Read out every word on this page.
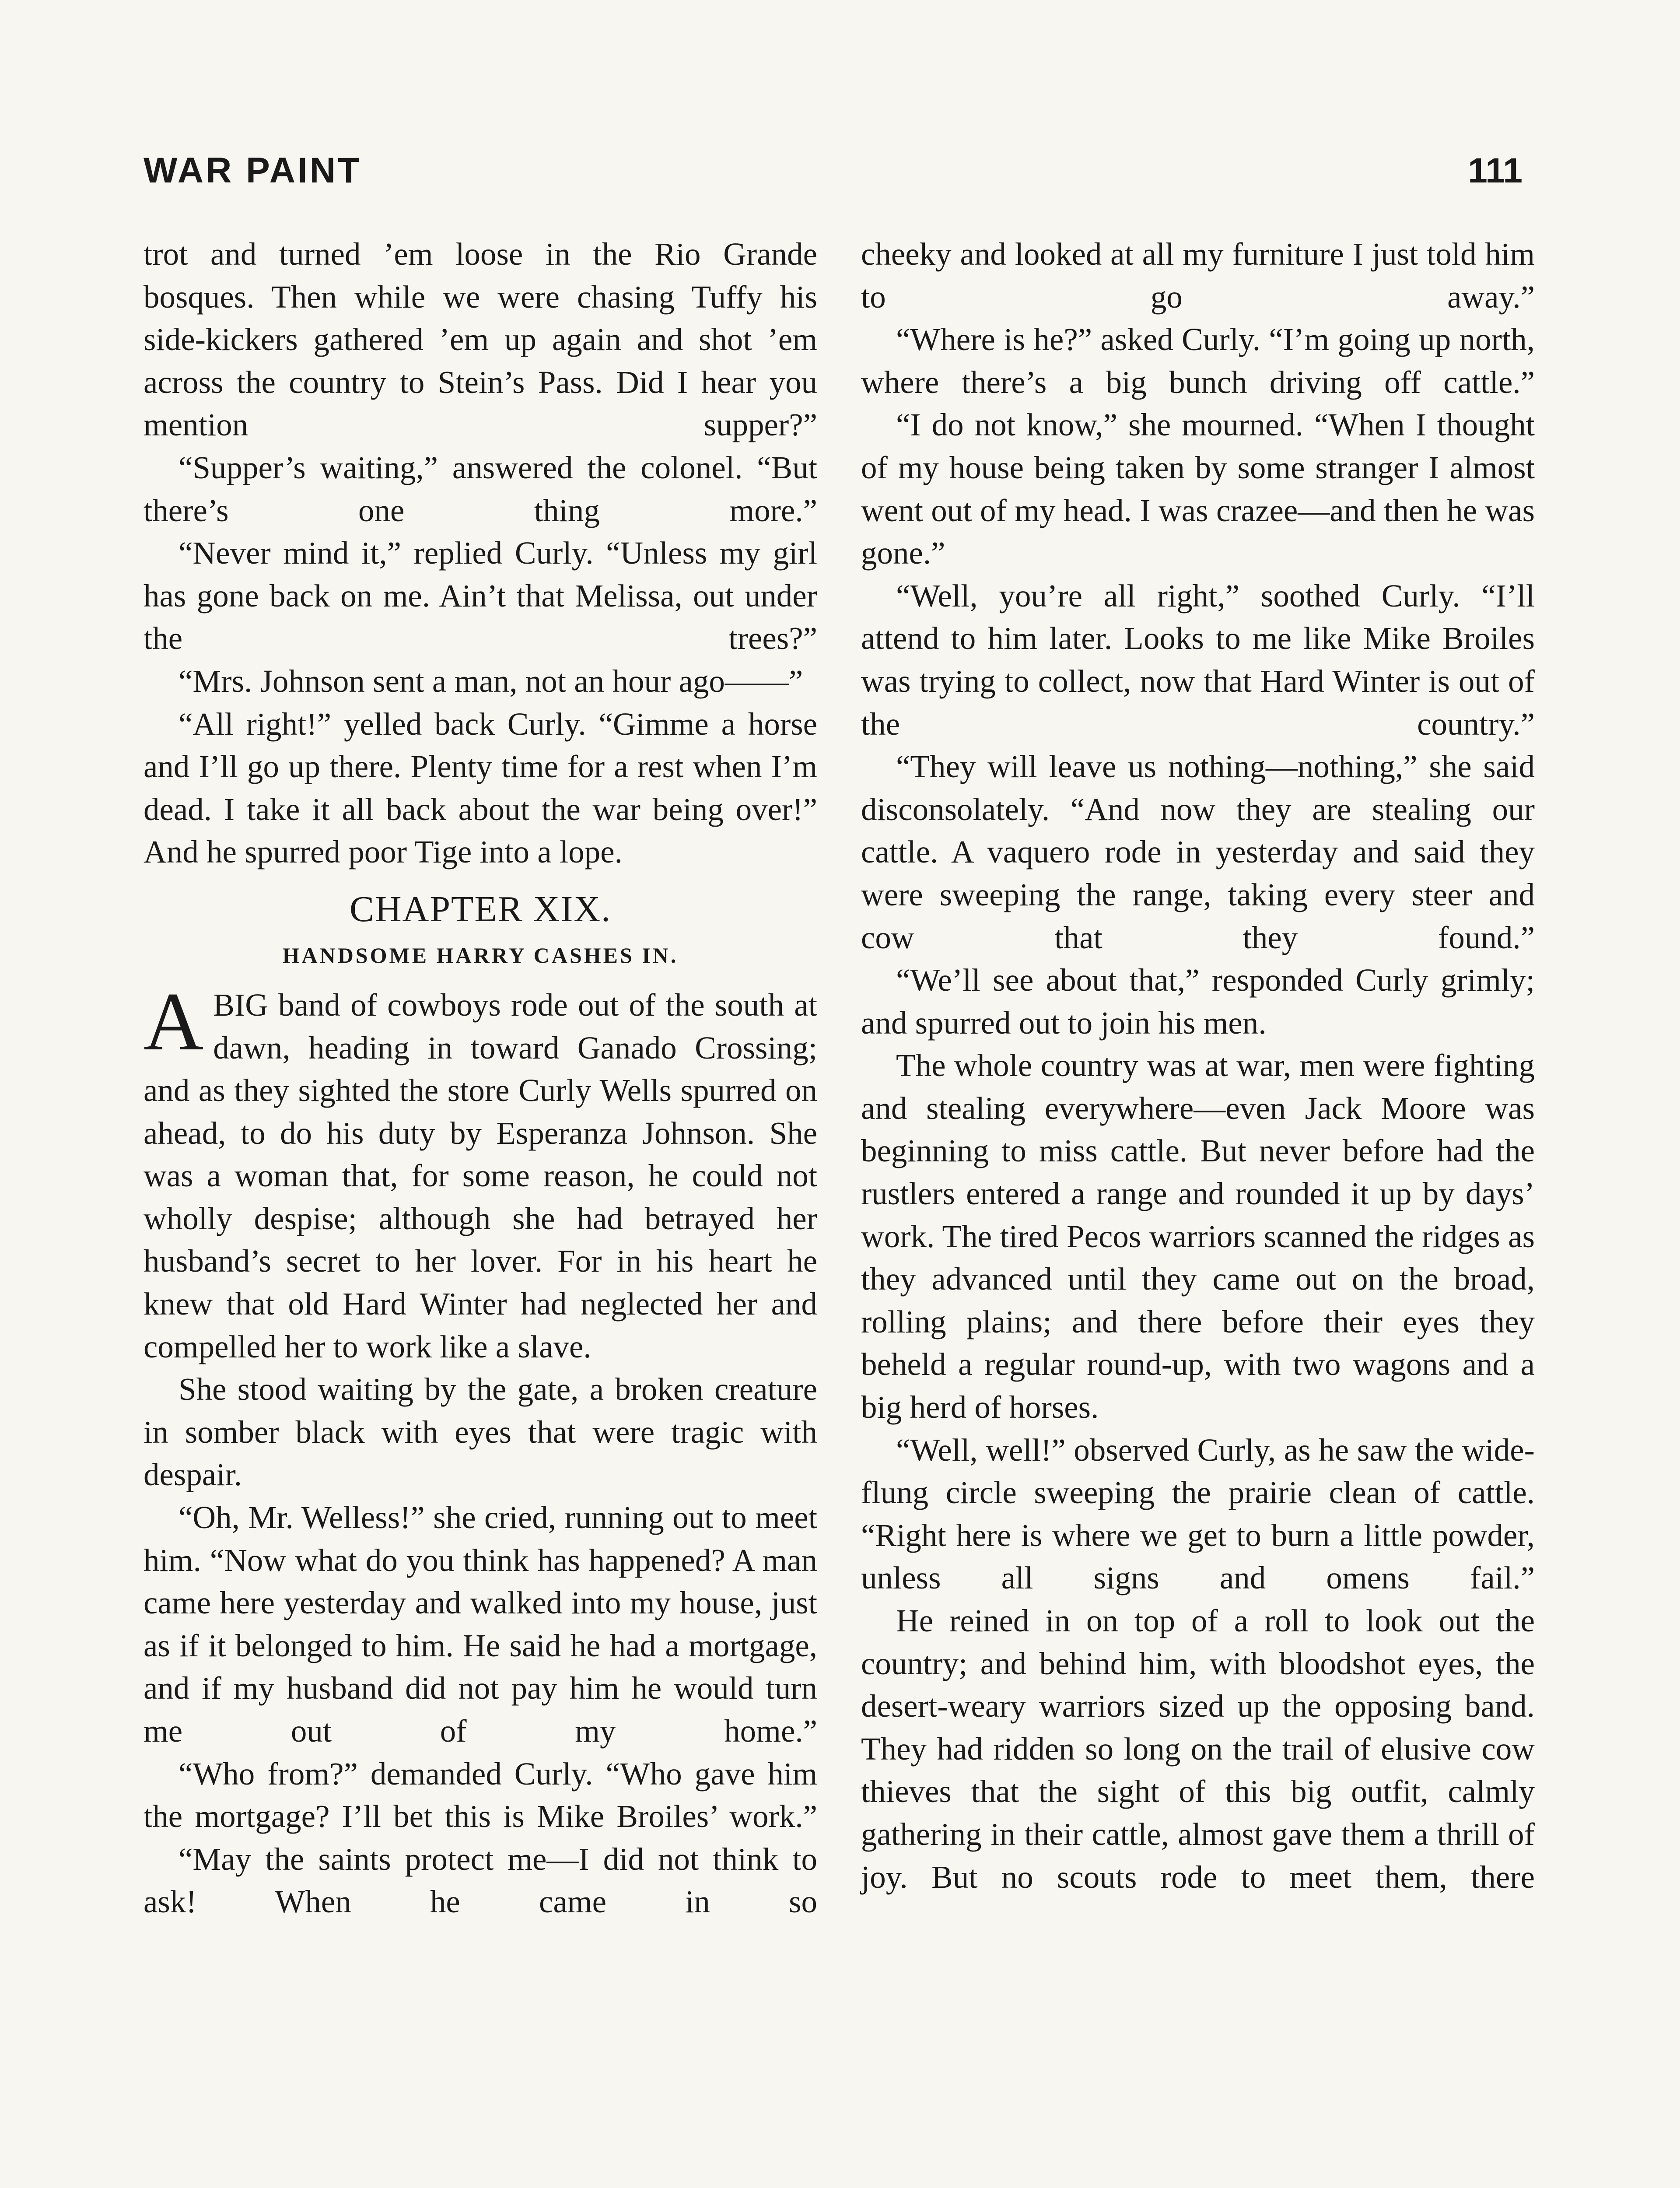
WAR PAINT	111

trot and turned ’em loose in the Rio Grande bosques. Then while we were chasing Tuffy his side-kickers gathered ’em up again and shot ’em across the country to Stein’s Pass. Did I hear you mention supper?”

“Supper’s waiting,” answered the colonel. “But there’s one thing more.”

“Never mind it,” replied Curly. “Unless my girl has gone back on me. Ain’t that Melissa, out under the trees?”

“Mrs. Johnson sent a man, not an hour ago——”

“All right!” yelled back Curly. “Gimme a horse and I’ll go up there. Plenty time for a rest when I’m dead. I take it all back about the war being over!” And he spurred poor Tige into a lope.

CHAPTER XIX.
HANDSOME HARRY CASHES IN.
A BIG band of cowboys rode out of the south at dawn, heading in toward Ganado Crossing; and as they sighted the store Curly Wells spurred on ahead, to do his duty by Esperanza Johnson. She was a woman that, for some reason, he could not wholly despise; although she had betrayed her husband’s secret to her lover. For in his heart he knew that old Hard Winter had neglected her and compelled her to work like a slave.

She stood waiting by the gate, a broken creature in somber black with eyes that were tragic with despair.

“Oh, Mr. Welless!” she cried, running out to meet him. “Now what do you think has happened? A man came here yesterday and walked into my house, just as if it belonged to him. He said he had a mortgage, and if my husband did not pay him he would turn me out of my home.”

“Who from?” demanded Curly. “Who gave him the mortgage? I’ll bet this is Mike Broiles’ work.”

“May the saints protect me—I did not think to ask! When he came in so

cheeky and looked at all my furniture I just told him to go away.”

“Where is he?” asked Curly. “I’m going up north, where there’s a big bunch driving off cattle.”

“I do not know,” she mourned. “When I thought of my house being taken by some stranger I almost went out of my head. I was crazee—and then he was gone.”

“Well, you’re all right,” soothed Curly. “I’ll attend to him later. Looks to me like Mike Broiles was trying to collect, now that Hard Winter is out of the country.”

“They will leave us nothing—nothing,” she said disconsolately. “And now they are stealing our cattle. A vaquero rode in yesterday and said they were sweeping the range, taking every steer and cow that they found.”

“We’ll see about that,” responded Curly grimly; and spurred out to join his men.

The whole country was at war, men were fighting and stealing everywhere—even Jack Moore was beginning to miss cattle. But never before had the rustlers entered a range and rounded it up by days’ work. The tired Pecos warriors scanned the ridges as they advanced until they came out on the broad, rolling plains; and there before their eyes they beheld a regular round-up, with two wagons and a big herd of horses.

“Well, well!” observed Curly, as he saw the wide-flung circle sweeping the prairie clean of cattle. “Right here is where we get to burn a little powder, unless all signs and omens fail.”

He reined in on top of a roll to look out the country; and behind him, with bloodshot eyes, the desert-weary warriors sized up the opposing band. They had ridden so long on the trail of elusive cow thieves that the sight of this big outfit, calmly gathering in their cattle, almost gave them a thrill of joy. But no scouts rode to meet them, there
